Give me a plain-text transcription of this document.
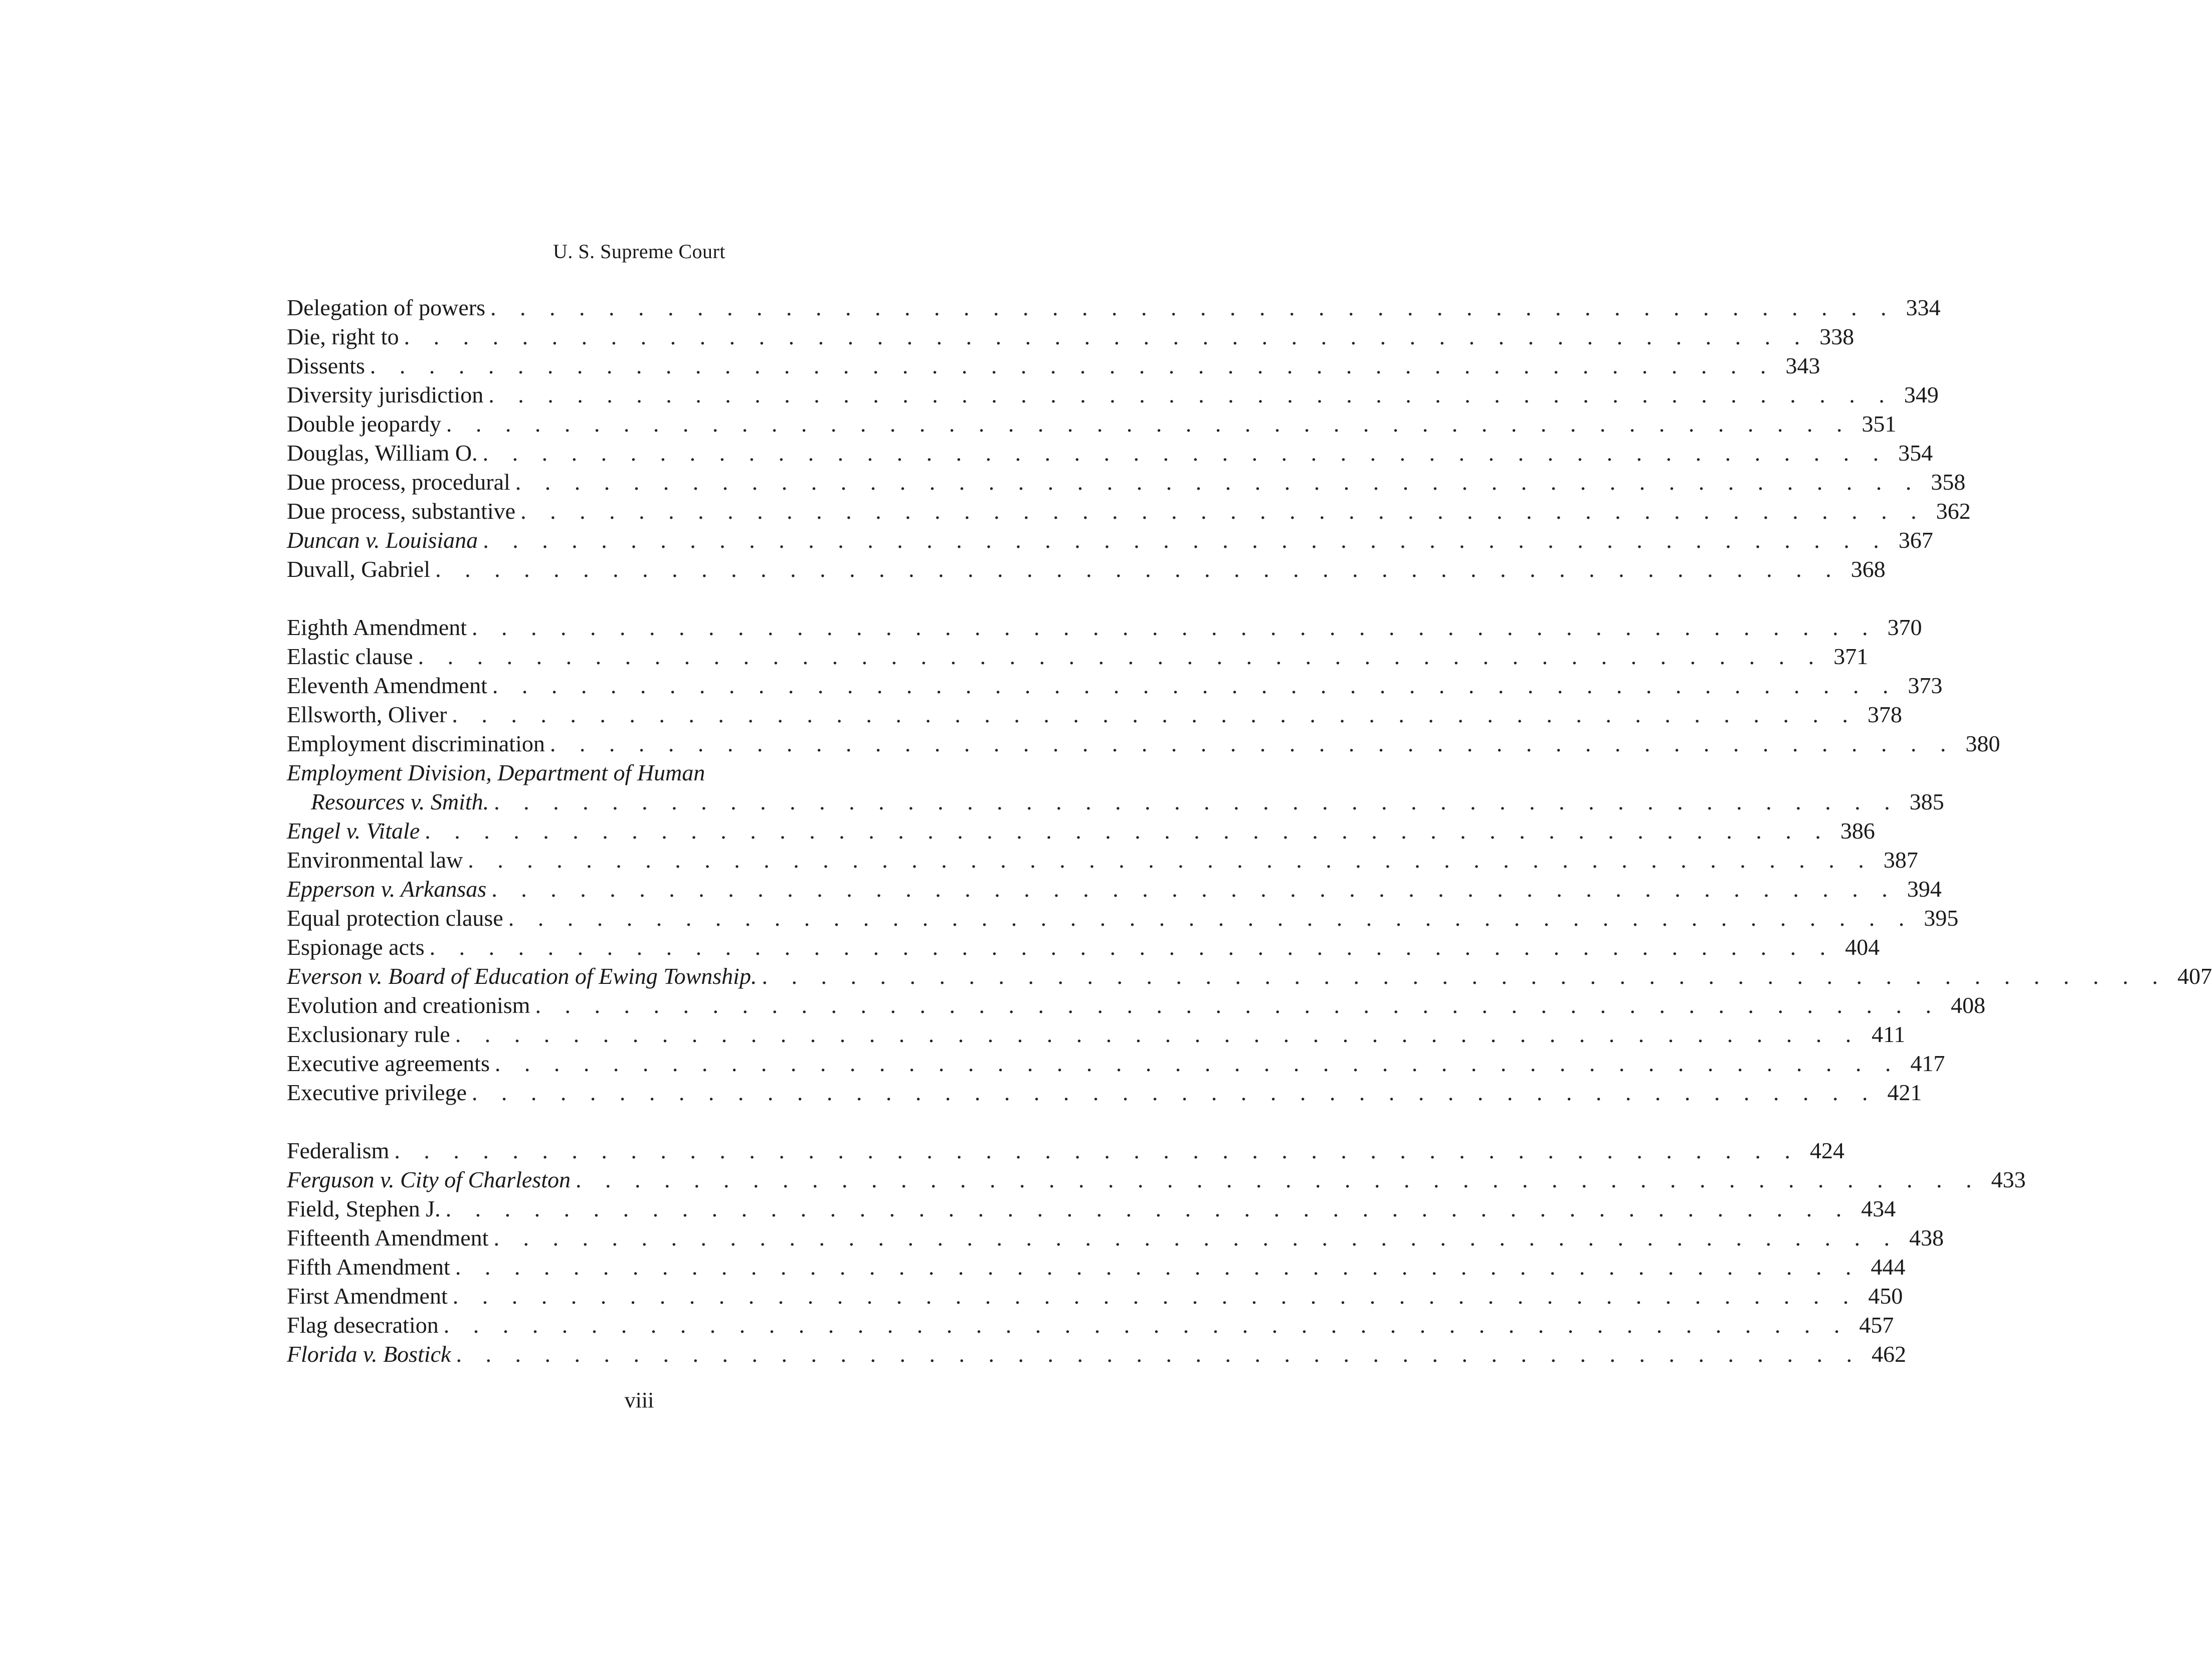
U. S. Supreme Court
Delegation of powers . . . . . . . . . . . . . . . . . . . . . . . . . . . . . . . . . . . . . . . . . . . . . . . . 334
Die, right to . . . . . . . . . . . . . . . . . . . . . . . . . . . . . . . . . . . . . . . . . . . . . . . . 338
Dissents . . . . . . . . . . . . . . . . . . . . . . . . . . . . . . . . . . . . . . . . . . . . . . . . 343
Diversity jurisdiction . . . . . . . . . . . . . . . . . . . . . . . . . . . . . . . . . . . . . . . . . . . . . . . . 349
Double jeopardy . . . . . . . . . . . . . . . . . . . . . . . . . . . . . . . . . . . . . . . . . . . . . . . . 351
Douglas, William O. . . . . . . . . . . . . . . . . . . . . . . . . . . . . . . . . . . . . . . . . . . . . . . . . 354
Due process, procedural . . . . . . . . . . . . . . . . . . . . . . . . . . . . . . . . . . . . . . . . . . . . . . . . 358
Due process, substantive . . . . . . . . . . . . . . . . . . . . . . . . . . . . . . . . . . . . . . . . . . . . . . . . 362
Duncan v. Louisiana . . . . . . . . . . . . . . . . . . . . . . . . . . . . . . . . . . . . . . . . . . . . . . . . 367
Duvall, Gabriel . . . . . . . . . . . . . . . . . . . . . . . . . . . . . . . . . . . . . . . . . . . . . . . . 368
Eighth Amendment . . . . . . . . . . . . . . . . . . . . . . . . . . . . . . . . . . . . . . . . . . . . . . . . 370
Elastic clause . . . . . . . . . . . . . . . . . . . . . . . . . . . . . . . . . . . . . . . . . . . . . . . . 371
Eleventh Amendment . . . . . . . . . . . . . . . . . . . . . . . . . . . . . . . . . . . . . . . . . . . . . . . . 373
Ellsworth, Oliver . . . . . . . . . . . . . . . . . . . . . . . . . . . . . . . . . . . . . . . . . . . . . . . . 378
Employment discrimination . . . . . . . . . . . . . . . . . . . . . . . . . . . . . . . . . . . . . . . . . . . . . . . . 380
Employment Division, Department of Human
Resources v. Smith. . . . . . . . . . . . . . . . . . . . . . . . . . . . . . . . . . . . . . . . . . . . . . . . . 385
Engel v. Vitale . . . . . . . . . . . . . . . . . . . . . . . . . . . . . . . . . . . . . . . . . . . . . . . . 386
Environmental law . . . . . . . . . . . . . . . . . . . . . . . . . . . . . . . . . . . . . . . . . . . . . . . . 387
Epperson v. Arkansas . . . . . . . . . . . . . . . . . . . . . . . . . . . . . . . . . . . . . . . . . . . . . . . . 394
Equal protection clause . . . . . . . . . . . . . . . . . . . . . . . . . . . . . . . . . . . . . . . . . . . . . . . . 395
Espionage acts . . . . . . . . . . . . . . . . . . . . . . . . . . . . . . . . . . . . . . . . . . . . . . . . 404
Everson v. Board of Education of Ewing Township. . . . . . . . . . . . . . . . . . . . . . . . . . . . . . . . . . . . . . . . . . . . . . . . . 407
Evolution and creationism . . . . . . . . . . . . . . . . . . . . . . . . . . . . . . . . . . . . . . . . . . . . . . . . 408
Exclusionary rule . . . . . . . . . . . . . . . . . . . . . . . . . . . . . . . . . . . . . . . . . . . . . . . . 411
Executive agreements . . . . . . . . . . . . . . . . . . . . . . . . . . . . . . . . . . . . . . . . . . . . . . . . 417
Executive privilege . . . . . . . . . . . . . . . . . . . . . . . . . . . . . . . . . . . . . . . . . . . . . . . . 421
Federalism . . . . . . . . . . . . . . . . . . . . . . . . . . . . . . . . . . . . . . . . . . . . . . . . 424
Ferguson v. City of Charleston . . . . . . . . . . . . . . . . . . . . . . . . . . . . . . . . . . . . . . . . . . . . . . . . 433
Field, Stephen J. . . . . . . . . . . . . . . . . . . . . . . . . . . . . . . . . . . . . . . . . . . . . . . . . 434
Fifteenth Amendment . . . . . . . . . . . . . . . . . . . . . . . . . . . . . . . . . . . . . . . . . . . . . . . . 438
Fifth Amendment . . . . . . . . . . . . . . . . . . . . . . . . . . . . . . . . . . . . . . . . . . . . . . . . 444
First Amendment . . . . . . . . . . . . . . . . . . . . . . . . . . . . . . . . . . . . . . . . . . . . . . . . 450
Flag desecration . . . . . . . . . . . . . . . . . . . . . . . . . . . . . . . . . . . . . . . . . . . . . . . . 457
Florida v. Bostick . . . . . . . . . . . . . . . . . . . . . . . . . . . . . . . . . . . . . . . . . . . . . . . . 462
viii
